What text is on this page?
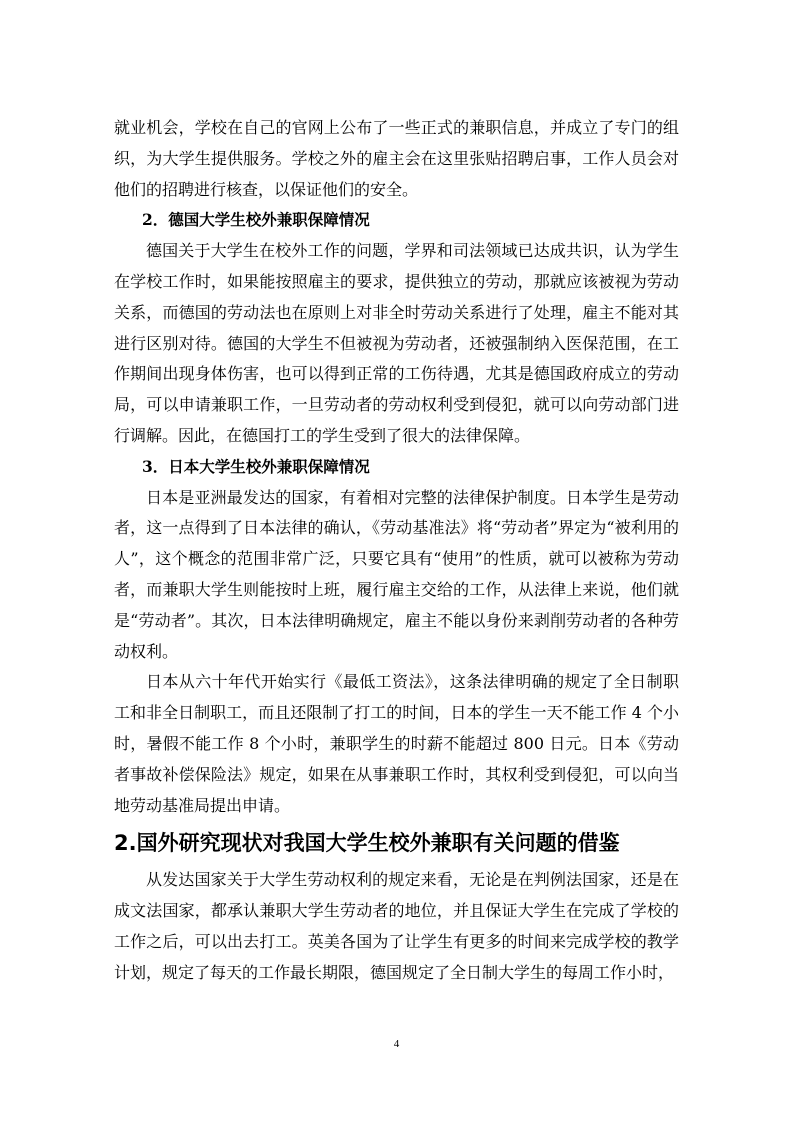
就业机会，学校在自己的官网上公布了一些正式的兼职信息，并成立了专门的组织，为大学生提供服务。学校之外的雇主会在这里张贴招聘启事，工作人员会对他们的招聘进行核查，以保证他们的安全。

2．德国大学生校外兼职保障情况

德国关于大学生在校外工作的问题，学界和司法领域已达成共识，认为学生在学校工作时，如果能按照雇主的要求，提供独立的劳动，那就应该被视为劳动关系，而德国的劳动法也在原则上对非全时劳动关系进行了处理，雇主不能对其进行区别对待。德国的大学生不但被视为劳动者，还被强制纳入医保范围，在工作期间出现身体伤害，也可以得到正常的工伤待遇，尤其是德国政府成立的劳动局，可以申请兼职工作，一旦劳动者的劳动权利受到侵犯，就可以向劳动部门进行调解。因此，在德国打工的学生受到了很大的法律保障。

3．日本大学生校外兼职保障情况

日本是亚洲最发达的国家，有着相对完整的法律保护制度。日本学生是劳动者，这一点得到了日本法律的确认，《劳动基准法》将“劳动者”界定为“被利用的人”，这个概念的范围非常广泛，只要它具有“使用”的性质，就可以被称为劳动者，而兼职大学生则能按时上班，履行雇主交给的工作，从法律上来说，他们就是“劳动者”。其次，日本法律明确规定，雇主不能以身份来剥削劳动者的各种劳动权利。

日本从六十年代开始实行《最低工资法》，这条法律明确的规定了全日制职工和非全日制职工，而且还限制了打工的时间，日本的学生一天不能工作 4 个小时，暑假不能工作 8 个小时，兼职学生的时薪不能超过 800 日元。日本《劳动者事故补偿保险法》规定，如果在从事兼职工作时，其权利受到侵犯，可以向当地劳动基准局提出申请。

2.国外研究现状对我国大学生校外兼职有关问题的借鉴

从发达国家关于大学生劳动权利的规定来看，无论是在判例法国家，还是在成文法国家，都承认兼职大学生劳动者的地位，并且保证大学生在完成了学校的工作之后，可以出去打工。英美各国为了让学生有更多的时间来完成学校的教学计划，规定了每天的工作最长期限，德国规定了全日制大学生的每周工作小时，

4
